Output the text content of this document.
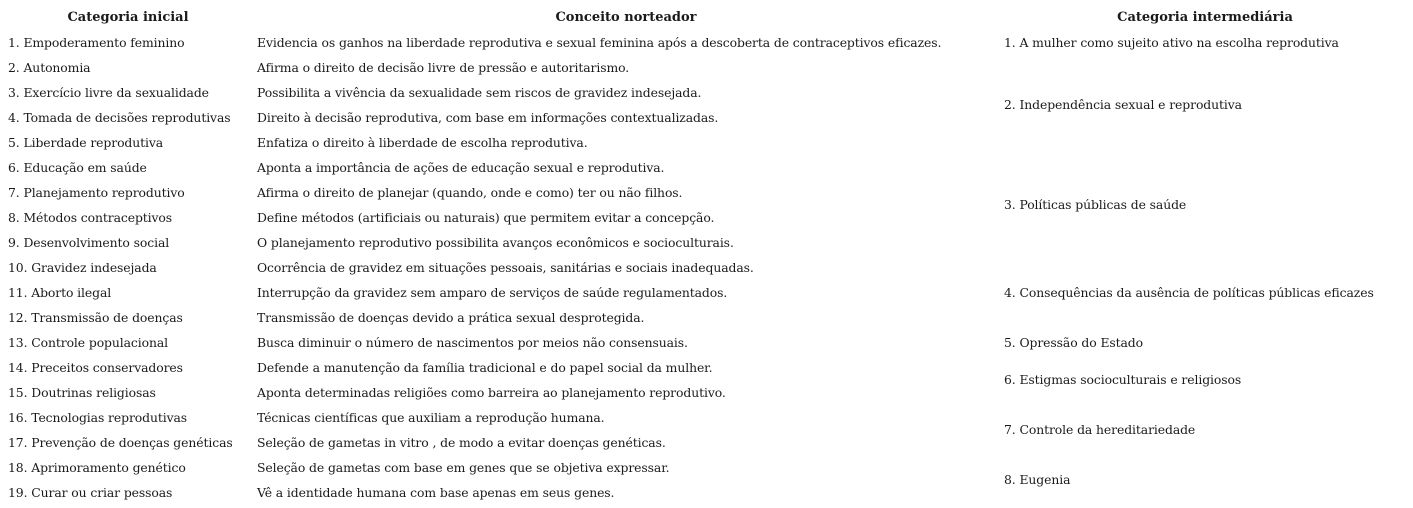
Categoria inicial	Conceito norteador	Categoria intermediária
1. Empoderamento feminino
2. Autonomia
3. Exercício livre da sexualidade
4. Tomada de decisões reprodutivas
5. Liberdade reprodutiva
6. Educação em saúde
7. Planejamento reprodutivo
8. Métodos contraceptivos
9. Desenvolvimento social
10. Gravidez indesejada
11. Aborto ilegal
12. Transmissão de doenças
13. Controle populacional
14. Preceitos conservadores
15. Doutrinas religiosas
16. Tecnologias reprodutivas
17. Prevenção de doenças genéticas
18. Aprimoramento genético
19. Curar ou criar pessoas
Evidencia os ganhos na liberdade reprodutiva e sexual feminina após a descoberta de contraceptivos eficazes.
Afirma o direito de decisão livre de pressão e autoritarismo.
Possibilita a vivência da sexualidade sem riscos de gravidez indesejada.
Direito à decisão reprodutiva, com base em informações contextualizadas.
Enfatiza o direito à liberdade de escolha reprodutiva.
Aponta a importância de ações de educação sexual e reprodutiva.
Afirma o direito de planejar (quando, onde e como) ter ou não filhos.
Define métodos (artificiais ou naturais) que permitem evitar a concepção.
O planejamento reprodutivo possibilita avanços econômicos e socioculturais.
Ocorrência de gravidez em situações pessoais, sanitárias e sociais inadequadas.
Interrupção da gravidez sem amparo de serviços de saúde regulamentados.
Transmissão de doenças devido a prática sexual desprotegida.
Busca diminuir o número de nascimentos por meios não consensuais.
Defende a manutenção da família tradicional e do papel social da mulher.
Aponta determinadas religiões como barreira ao planejamento reprodutivo.
Técnicas científicas que auxiliam a reprodução humana.
Seleção de gametas in vitro , de modo a evitar doenças genéticas.
Seleção de gametas com base em genes que se objetiva expressar.
Vê a identidade humana com base apenas em seus genes.
1. A mulher como sujeito ativo na escolha reprodutiva
2. Independência sexual e reprodutiva
3. Políticas públicas de saúde
4. Consequências da ausência de políticas públicas eficazes
5. Opressão do Estado
6. Estigmas socioculturais e religiosos
7. Controle da hereditariedade
8. Eugenia
